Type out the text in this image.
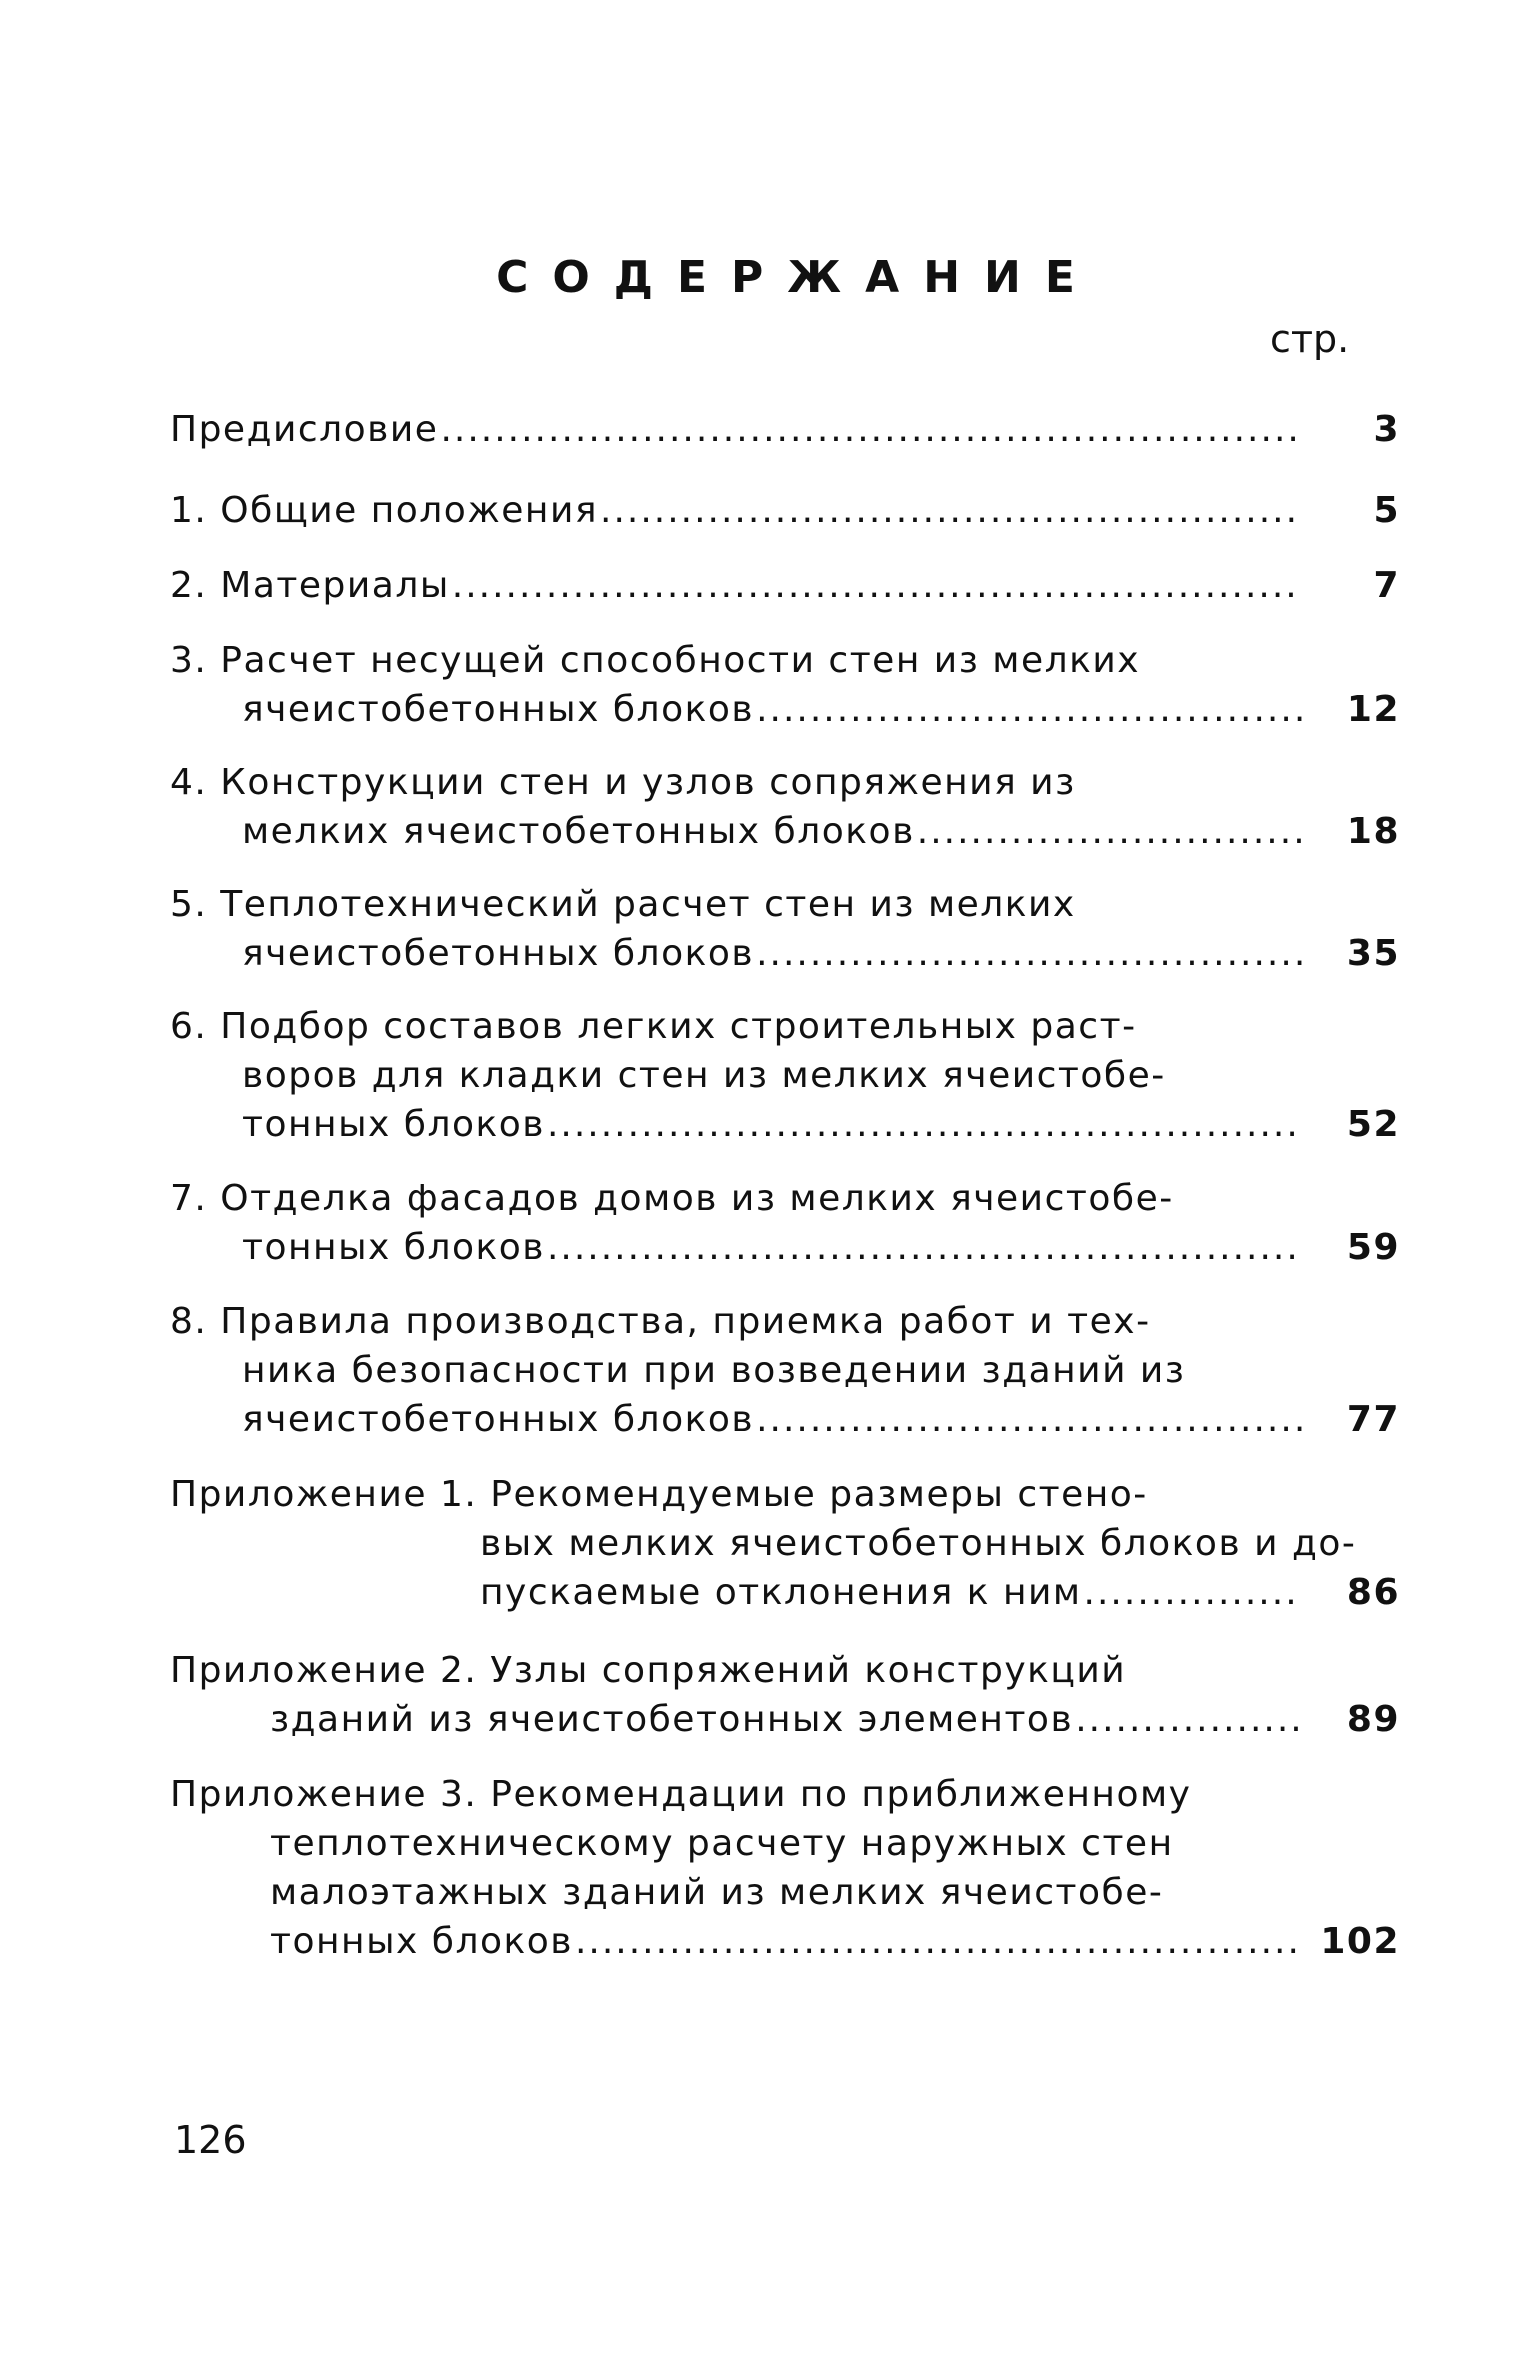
СОДЕРЖАНИЕ
стр.
Предисловие .....	3
1. Общие положения .....	5
2. Материалы .....	7
3. Расчет несущей способности стен из мелких
ячеистобетонных блоков .....	12
4. Конструкции стен и узлов сопряжения из
мелких ячеистобетонных блоков .....	18
5. Теплотехнический расчет стен из мелких
ячеистобетонных блоков .....	35
6. Подбор составов легких строительных раст-
воров для кладки стен из мелких ячеистобе-
тонных блоков .....	52
7. Отделка фасадов домов из мелких ячеистобе-
тонных блоков .....	59
8. Правила производства, приемка работ и тех-
ника безопасности при возведении зданий из
ячеистобетонных блоков .....	77
Приложение 1. Рекомендуемые размеры стено-
вых мелких ячеистобетонных блоков и до-
пускаемые отклонения к ним .....	86
Приложение 2. Узлы сопряжений конструкций
зданий из ячеистобетонных элементов .....	89
Приложение 3. Рекомендации по приближенному
теплотехническому расчету наружных стен
малоэтажных зданий из мелких ячеистобе-
тонных блоков .....	102
126
